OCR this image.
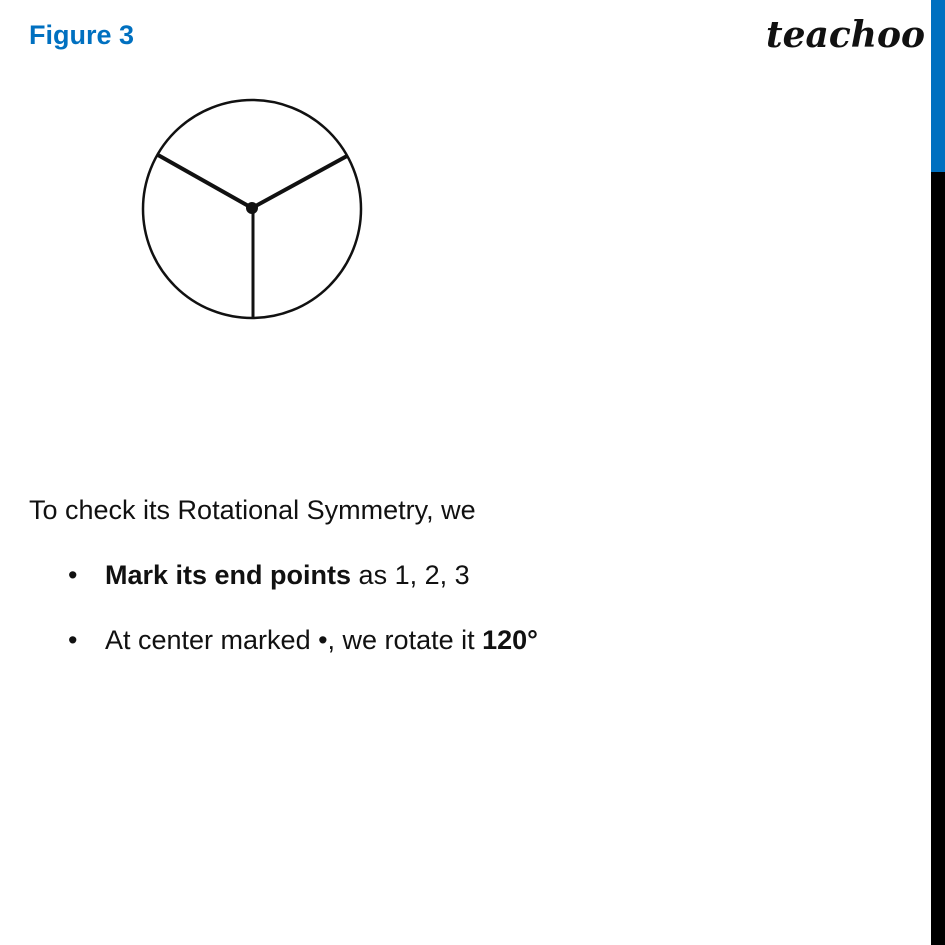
Figure 3	teachoo
To check its Rotational Symmetry, we
• Mark its end points as 1, 2, 3
• At center marked •, we rotate it 120°
